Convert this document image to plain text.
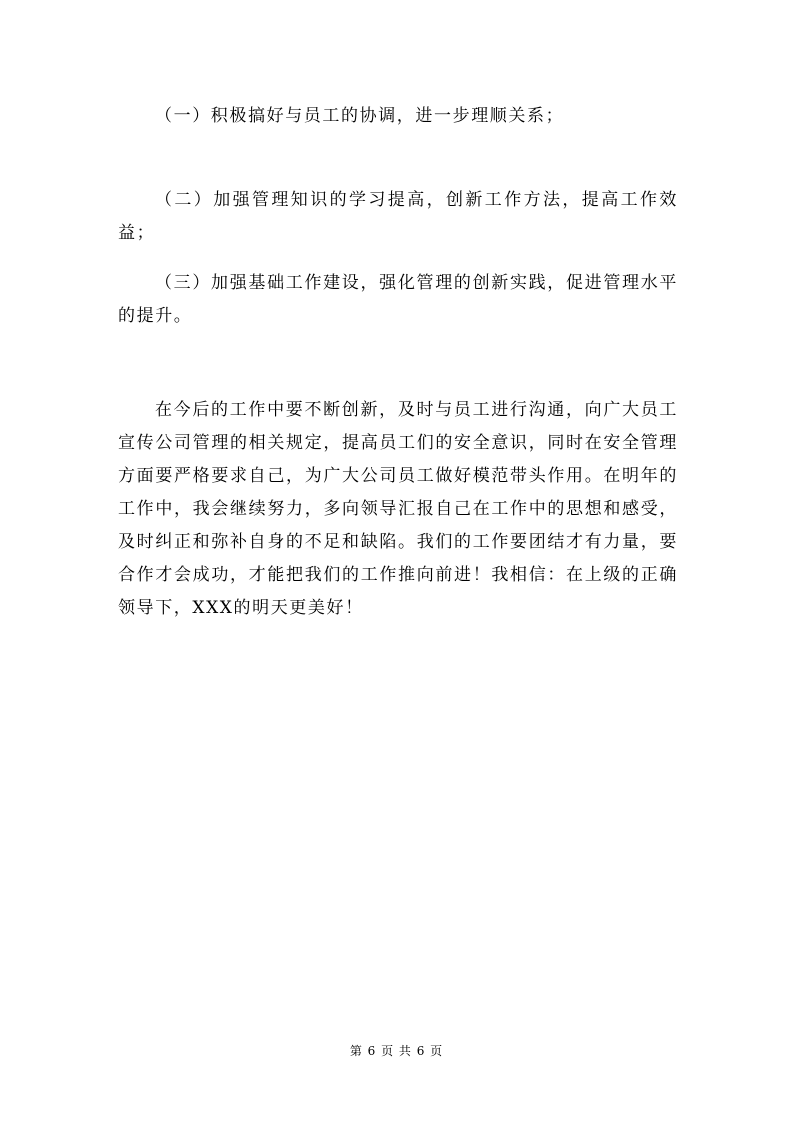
（一）积极搞好与员工的协调，进一步理顺关系；

（二）加强管理知识的学习提高，创新工作方法，提高工作效益；

（三）加强基础工作建设，强化管理的创新实践，促进管理水平的提升。

在今后的工作中要不断创新，及时与员工进行沟通，向广大员工宣传公司管理的相关规定，提高员工们的安全意识，同时在安全管理方面要严格要求自己，为广大公司员工做好模范带头作用。在明年的工作中，我会继续努力，多向领导汇报自己在工作中的思想和感受，及时纠正和弥补自身的不足和缺陷。我们的工作要团结才有力量，要合作才会成功，才能把我们的工作推向前进！我相信：在上级的正确领导下，XXX的明天更美好！

第 6 页 共 6 页
